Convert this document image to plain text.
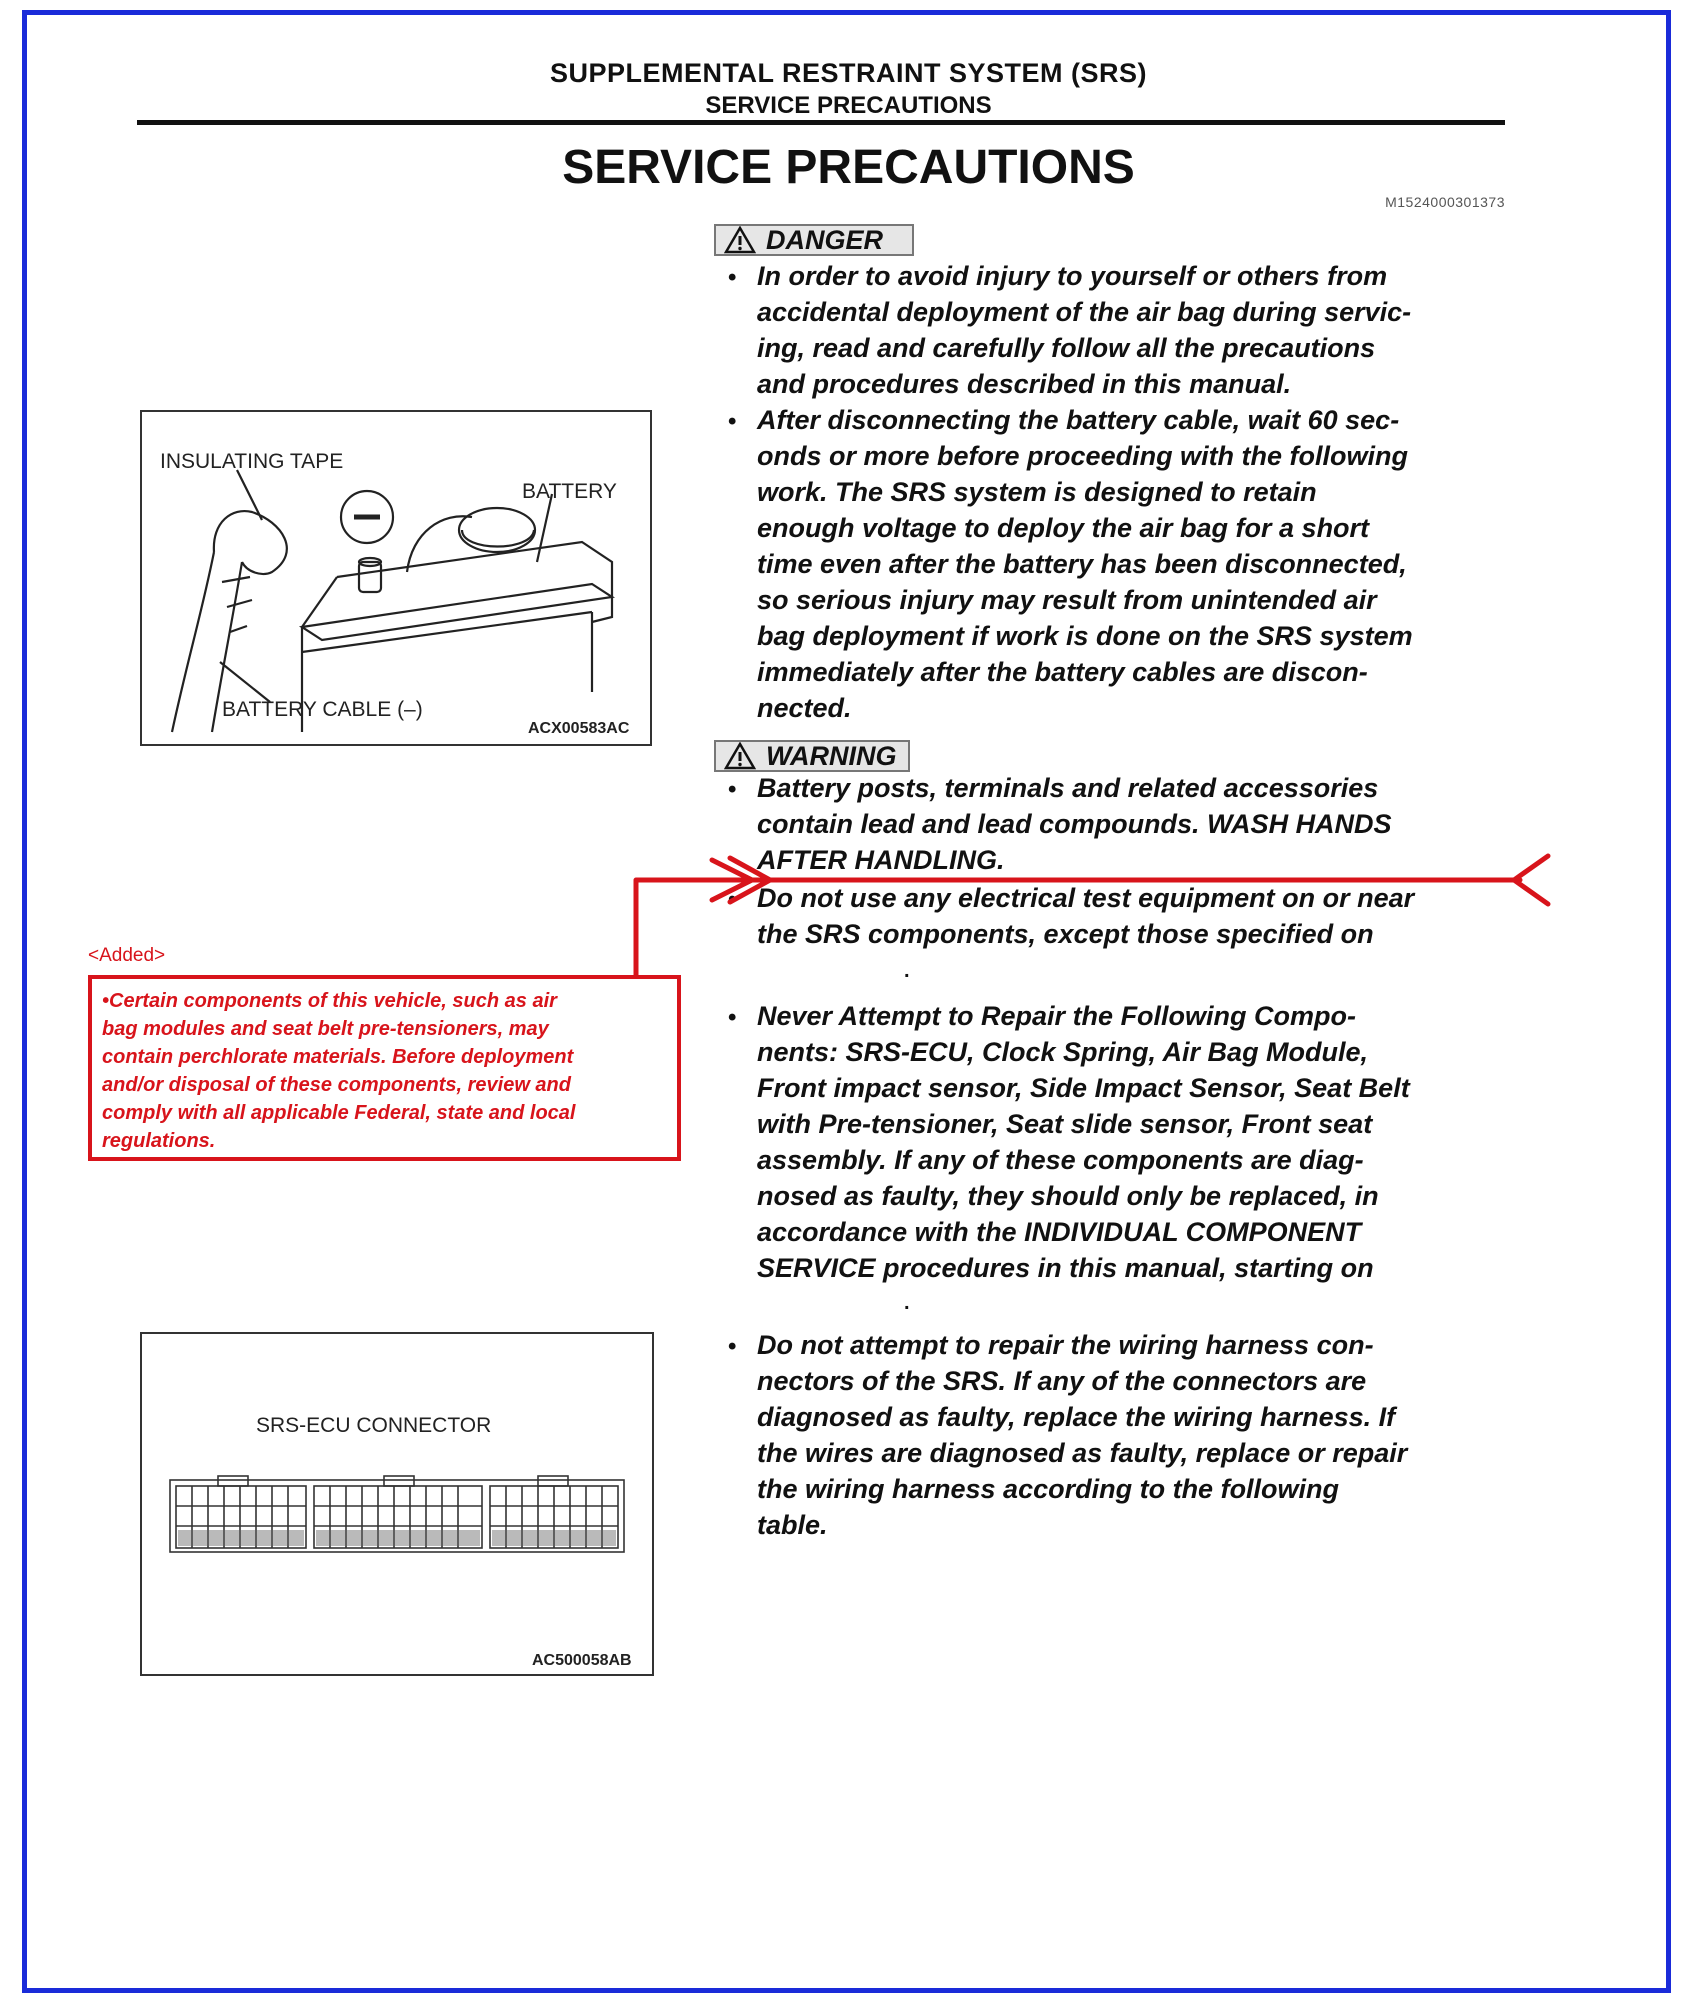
SUPPLEMENTAL RESTRAINT SYSTEM (SRS)
SERVICE PRECAUTIONS
SERVICE PRECAUTIONS
M1524000301373
DANGER
• In order to avoid injury to yourself or others from
accidental deployment of the air bag during servic-
ing, read and carefully follow all the precautions
and procedures described in this manual.
• After disconnecting the battery cable, wait 60 sec-
onds or more before proceeding with the following
work. The SRS system is designed to retain
enough voltage to deploy the air bag for a short
time even after the battery has been disconnected,
so serious injury may result from unintended air
bag deployment if work is done on the SRS system
immediately after the battery cables are discon-
nected.
WARNING
• Battery posts, terminals and related accessories
contain lead and lead compounds. WASH HANDS
AFTER HANDLING.
• Do not use any electrical test equipment on or near
the SRS components, except those specified on
.
• Never Attempt to Repair the Following Compo-
nents: SRS-ECU, Clock Spring, Air Bag Module,
Front impact sensor, Side Impact Sensor, Seat Belt
with Pre-tensioner, Seat slide sensor, Front seat
assembly. If any of these components are diag-
nosed as faulty, they should only be replaced, in
accordance with the INDIVIDUAL COMPONENT
SERVICE procedures in this manual, starting on
.
• Do not attempt to repair the wiring harness con-
nectors of the SRS. If any of the connectors are
diagnosed as faulty, replace the wiring harness. If
the wires are diagnosed as faulty, replace or repair
the wiring harness according to the following
table.
INSULATING TAPE
BATTERY
BATTERY CABLE (–)
ACX00583AC
<Added>
•Certain components of this vehicle, such as air
bag modules and seat belt pre-tensioners, may
contain perchlorate materials. Before deployment
and/or disposal of these components, review and
comply with all applicable Federal, state and local
regulations.
SRS-ECU CONNECTOR
AC500058AB
